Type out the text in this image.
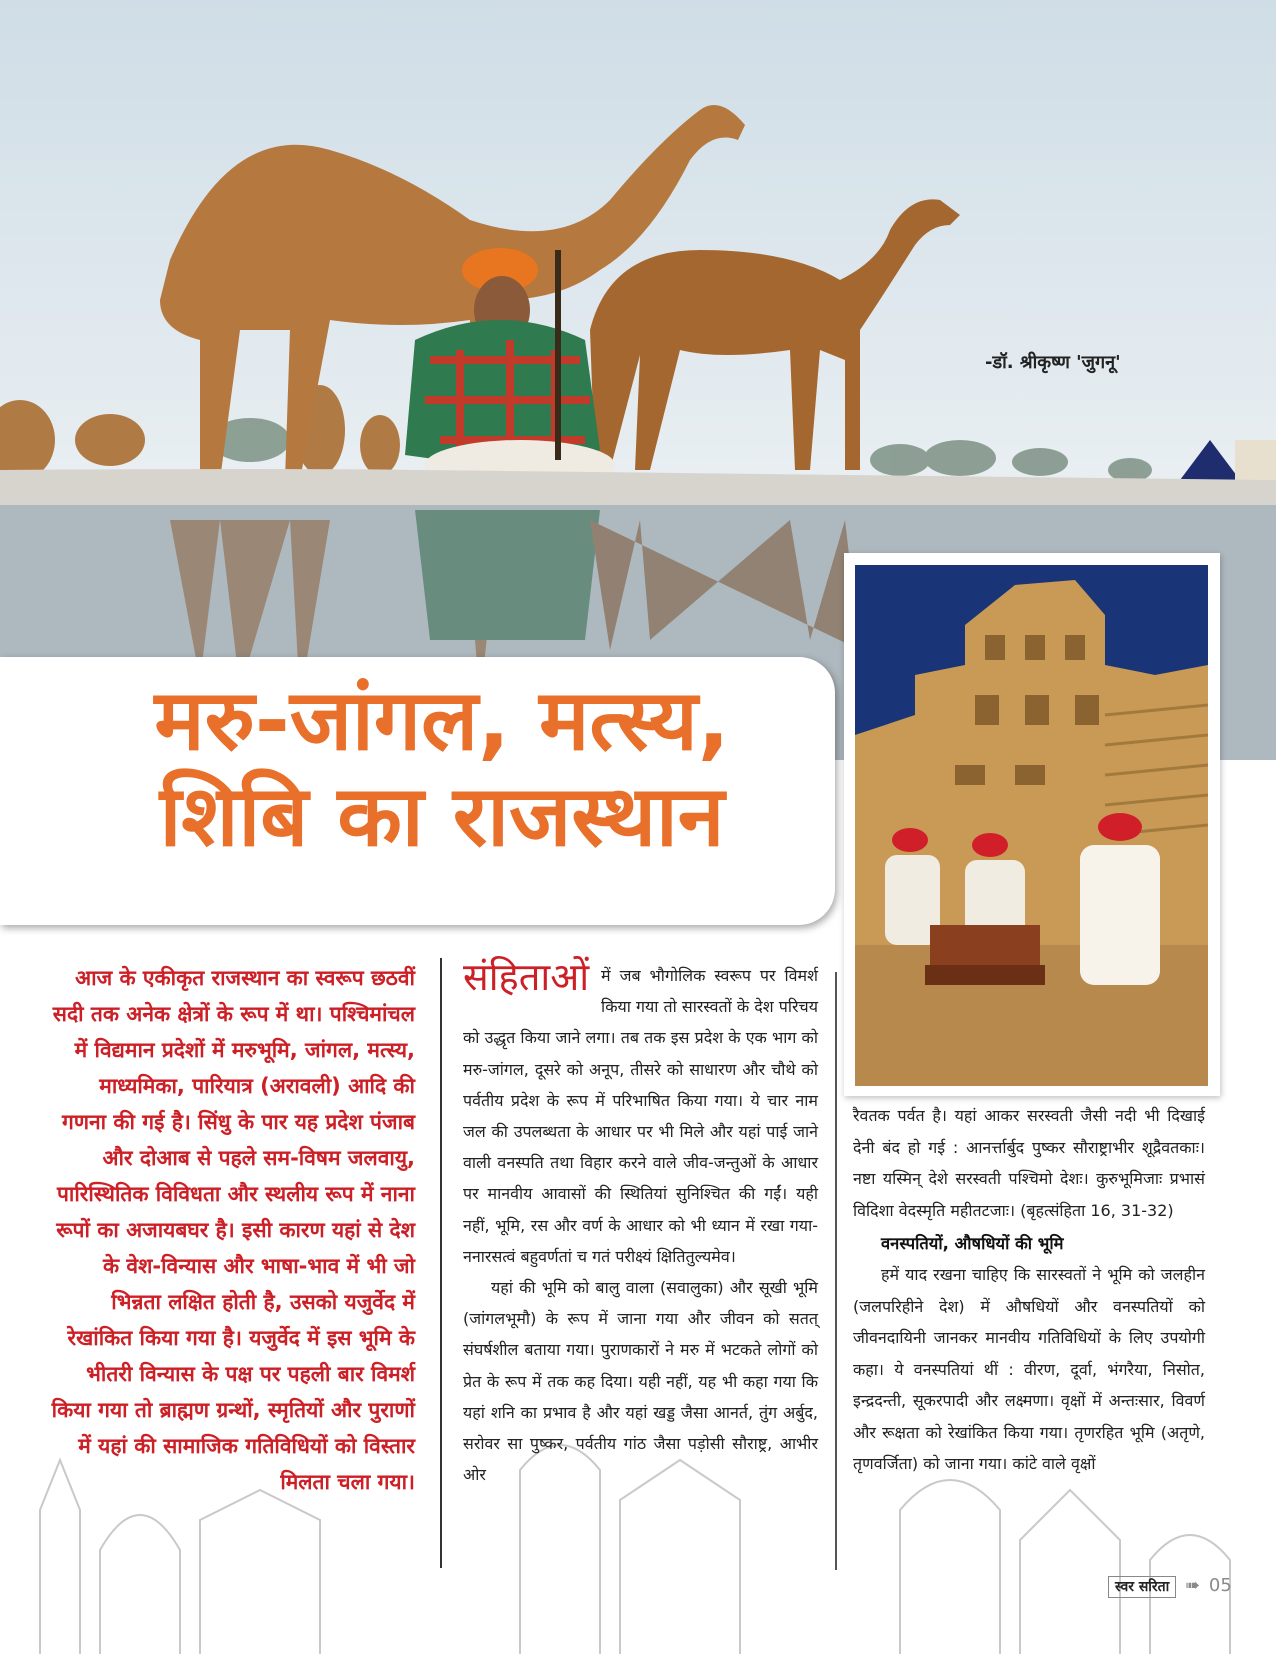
-डॉ. श्रीकृष्ण 'जुगनू'
मरु-जांगल, मत्स्य,
शिबि का राजस्थान
आज के एकीकृत राजस्थान का स्वरूप छठवीं सदी तक अनेक क्षेत्रों के रूप में था। पश्चिमांचल में विद्यमान प्रदेशों में मरुभूमि, जांगल, मत्स्य, माध्यमिका, पारियात्र (अरावली) आदि की गणना की गई है। सिंधु के पार यह प्रदेश पंजाब और दोआब से पहले सम-विषम जलवायु, पारिस्थितिक विविधता और स्थलीय रूप में नाना रूपों का अजायबघर है। इसी कारण यहां से देश के वेश-विन्यास और भाषा-भाव में भी जो भिन्नता लक्षित होती है, उसको यजुर्वेद में रेखांकित किया गया है। यजुर्वेद में इस भूमि के भीतरी विन्यास के पक्ष पर पहली बार विमर्श किया गया तो ब्राह्मण ग्रन्थों, स्मृतियों और पुराणों में यहां की सामाजिक गतिविधियों को विस्तार मिलता चला गया।
संहिताओं में जब भौगोलिक स्वरूप पर विमर्श किया गया तो सारस्वतों के देश परिचय को उद्धृत किया जाने लगा। तब तक इस प्रदेश के एक भाग को मरु-जांगल, दूसरे को अनूप, तीसरे को साधारण और चौथे को पर्वतीय प्रदेश के रूप में परिभाषित किया गया। ये चार नाम जल की उपलब्धता के आधार पर भी मिले और यहां पाई जाने वाली वनस्पति तथा विहार करने वाले जीव-जन्तुओं के आधार पर मानवीय आवासों की स्थितियां सुनिश्चित की गईं। यही नहीं, भूमि, रस और वर्ण के आधार को भी ध्यान में रखा गया- ननारसत्वं बहुवर्णतां च गतं परीक्ष्यं क्षितितुल्यमेव।

यहां की भूमि को बालु वाला (सवालुका) और सूखी भूमि (जांगलभूमौ) के रूप में जाना गया और जीवन को सतत् संघर्षशील बताया गया। पुराणकारों ने मरु में भटकते लोगों को प्रेत के रूप में तक कह दिया। यही नहीं, यह भी कहा गया कि यहां शनि का प्रभाव है और यहां खड्ड जैसा आनर्त, तुंग अर्बुद, सरोवर सा पुष्कर, पर्वतीय गांठ जैसा पड़ोसी सौराष्ट्र, आभीर ओर

रैवतक पर्वत है। यहां आकर सरस्वती जैसी नदी भी दिखाई देनी बंद हो गई : आनर्त्तार्बुद पुष्कर सौराष्ट्राभीर शूद्रैवतकाः। नष्टा यस्मिन् देशे सरस्वती पश्चिमो देशः। कुरुभूमिजाः प्रभासं विदिशा वेदस्मृति महीतटजाः। (बृहत्संहिता 16, 31-32)

वनस्पतियों, औषधियों की भूमि

हमें याद रखना चाहिए कि सारस्वतों ने भूमि को जलहीन (जलपरिहीने देश) में औषधियों और वनस्पतियों को जीवनदायिनी जानकर मानवीय गतिविधियों के लिए उपयोगी कहा। ये वनस्पतियां थीं : वीरण, दूर्वा, भंगरैया, निसोत, इन्द्रदन्ती, सूकरपादी और लक्ष्मणा। वृक्षों में अन्तःसार, विवर्ण और रूक्षता को रेखांकित किया गया। तृणरहित भूमि (अतृणे, तृणवर्जिता) को जाना गया। कांटे वाले वृक्षों

स्वर सरिता ➠ 05
